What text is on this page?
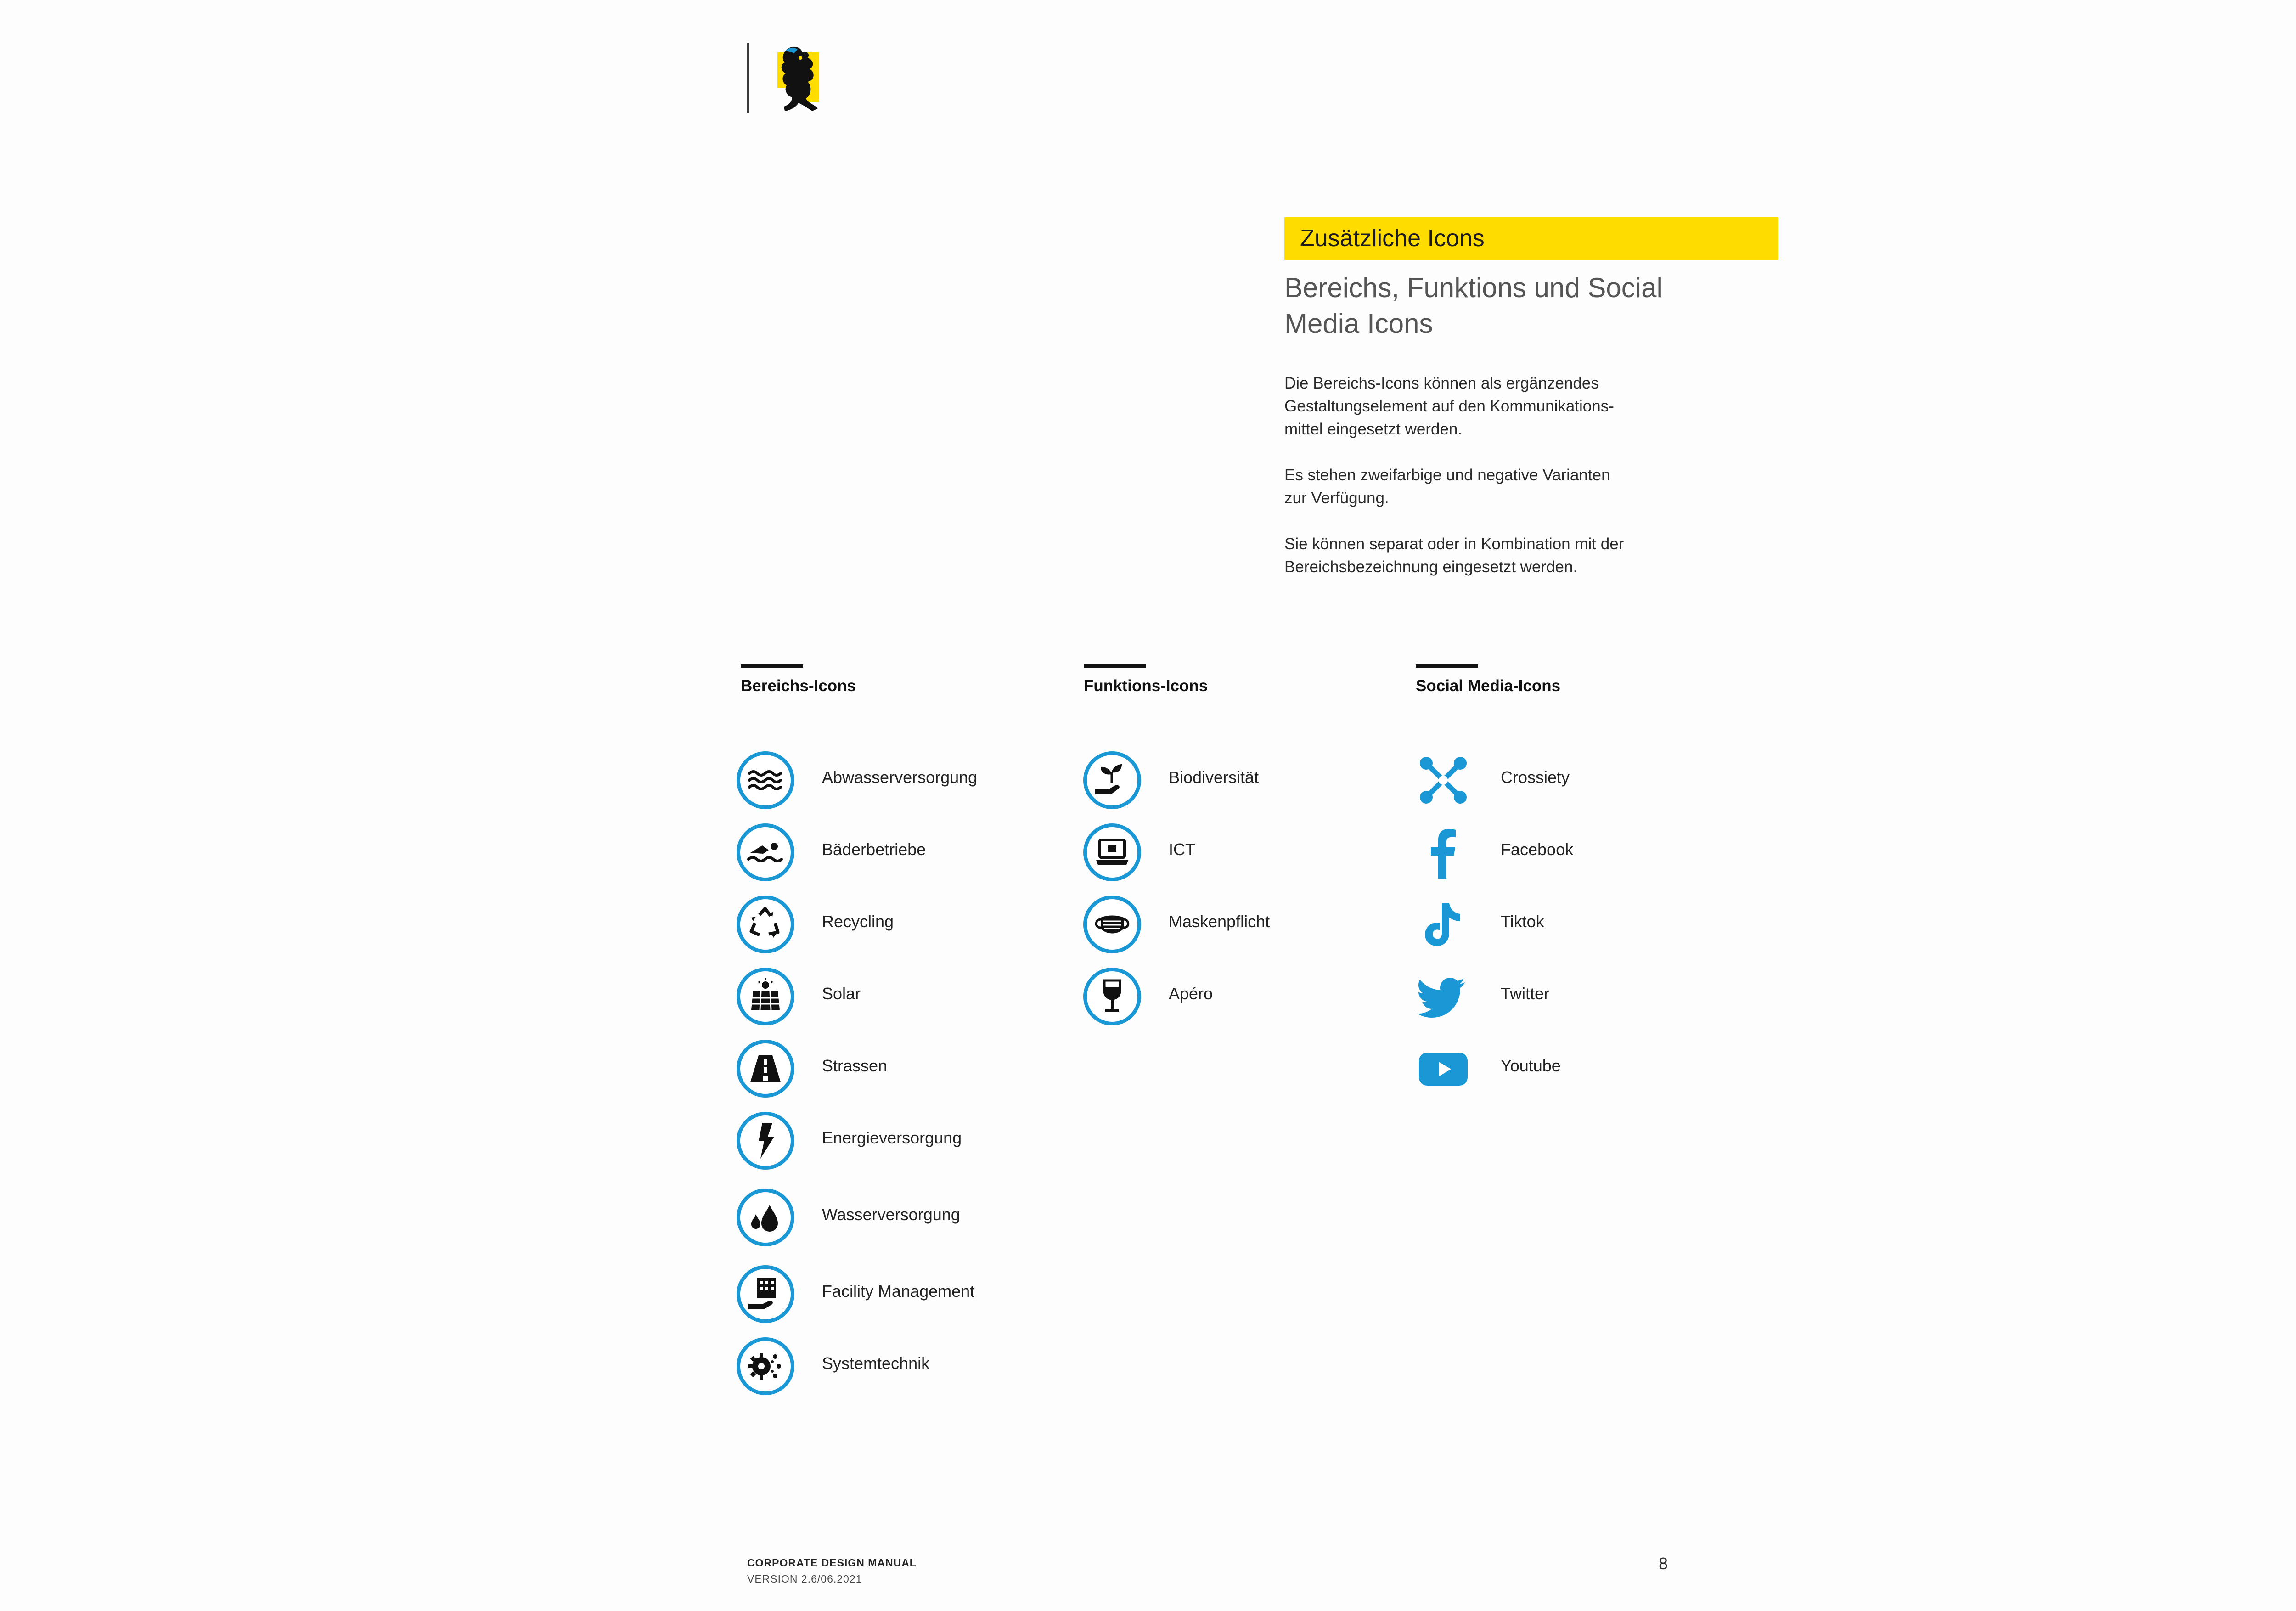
Zusätzliche Icons
Bereichs, Funktions und Social
Media Icons
Die Bereichs-Icons können als ergänzendes
Gestaltungselement auf den Kommunikations-
mittel eingesetzt werden.
Es stehen zweifarbige und negative Varianten
zur Verfügung.
Sie können separat oder in Kombination mit der
Bereichsbezeichnung eingesetzt werden.
Bereichs-Icons	Funktions-Icons	Social Media-Icons
Abwasserversorgung
Bäderbetriebe
Recycling
Solar
Strassen
Energieversorgung
Wasserversorgung
Facility Management
Systemtechnik
Biodiversität
ICT
Maskenpflicht
Apéro
Crossiety
Facebook
Tiktok
Twitter
Youtube
CORPORATE DESIGN MANUAL
VERSION 2.6/06.2021
8
